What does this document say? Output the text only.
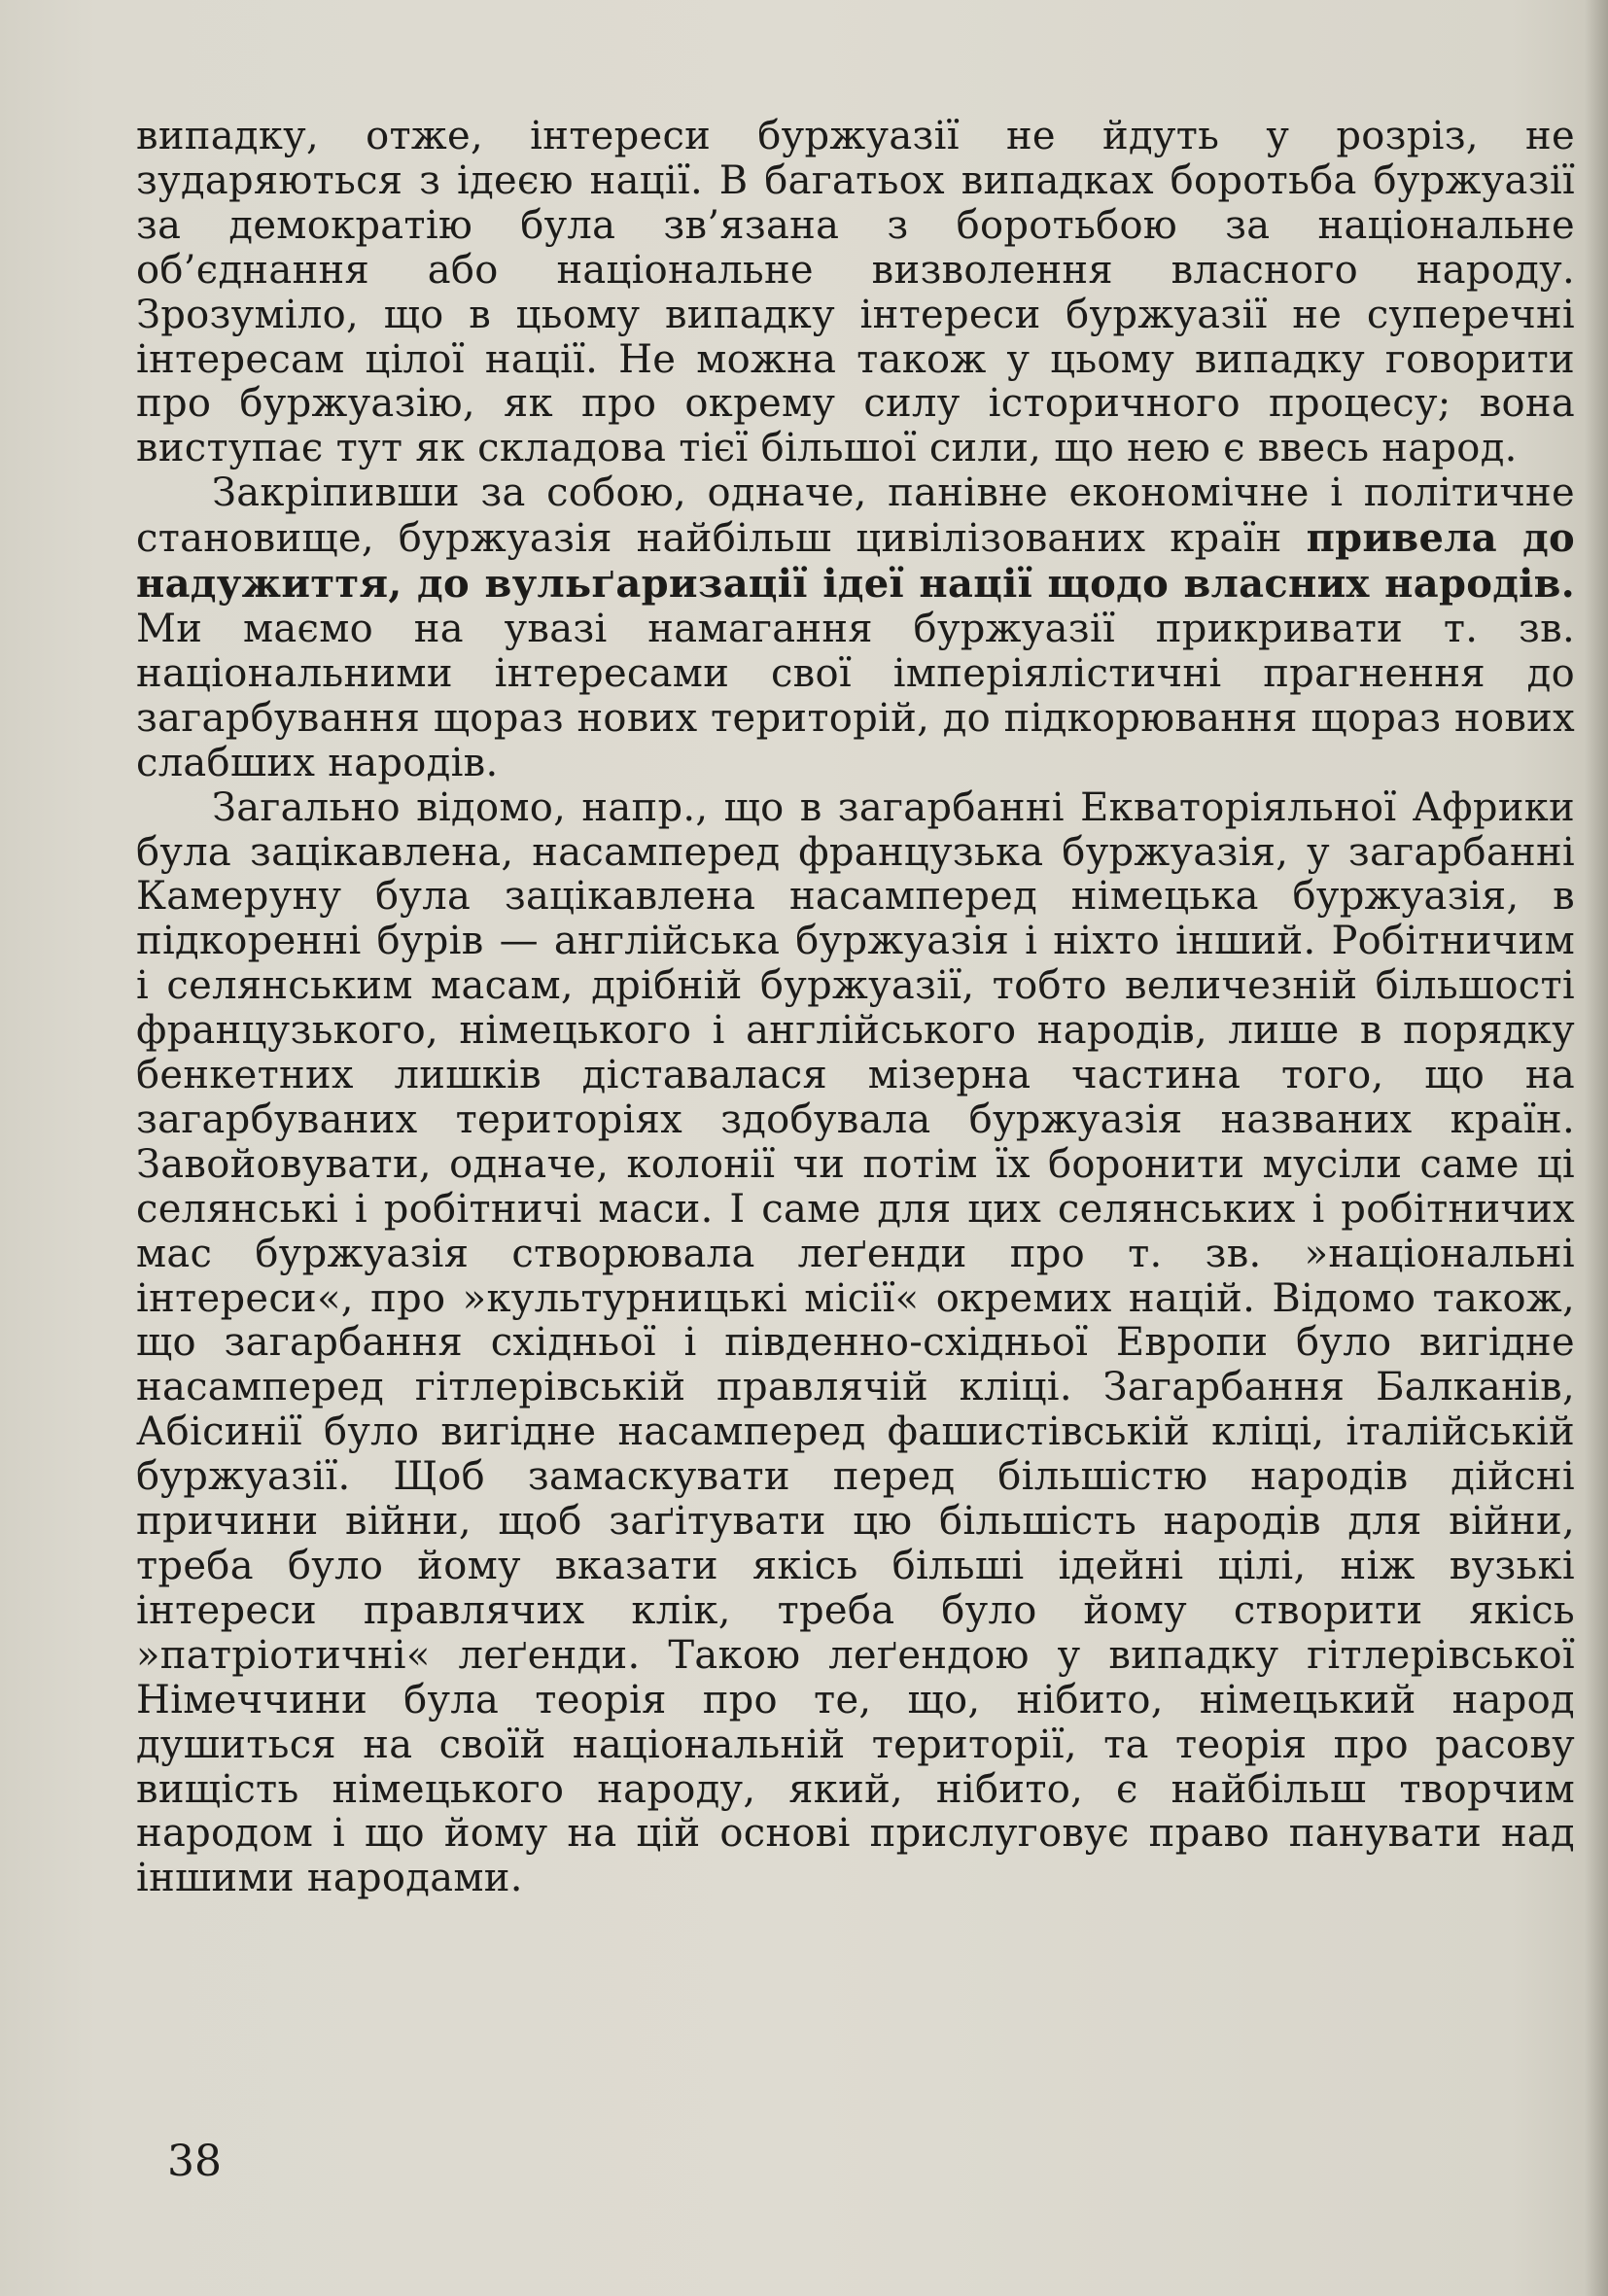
випадку, отже, інтереси буржуазії не йдуть у розріз, не зударяються з ідеєю нації. В багатьох випадках боротьба буржуазії за демократію була зв’язана з боротьбою за національне об’єднання або національне визволення власного народу. Зрозуміло, що в цьому випадку інтереси буржуазії не суперечні інтересам цілої нації. Не можна також у цьому випадку говорити про буржуазію, як про окрему силу історичного процесу; вона виступає тут як складова тієї більшої сили, що нею є ввесь народ.

Закріпивши за собою, одначе, панівне економічне і політичне становище, буржуазія найбільш цивілізованих країн привела до надужиття, до вульґаризації ідеї нації щодо власних народів. Ми маємо на увазі намагання буржуазії прикривати т. зв. національними інтересами свої імперіялістичні прагнення до загарбування щораз нових територій, до підкорювання щораз нових слабших народів.

Загально відомо, напр., що в загарбанні Екваторіяльної Африки була зацікавлена, насамперед французька буржуазія, у загарбанні Камеруну була зацікавлена насамперед німецька буржуазія, в підкоренні бурів — англійська буржуазія і ніхто інший. Робітничим і селянським масам, дрібній буржуазії, тобто величезній більшості французького, німецького і англійського народів, лише в порядку бенкетних лишків діставалася мізерна частина того, що на загарбуваних територіях здобувала буржуазія названих країн. Завойовувати, одначе, колонії чи потім їх боронити мусіли саме ці селянські і робітничі маси. І саме для цих селянських і робітничих мас буржуазія створювала леґенди про т. зв. »національні інтереси«, про »культурницькі місії« окремих націй. Відомо також, що загарбання східньої і південно-східньої Европи було вигідне насамперед гітлерівській правлячій кліці. Загарбання Балканів, Абісинії було вигідне насамперед фашистівській кліці, італійській буржуазії. Щоб замаскувати перед більшістю народів дійсні причини війни, щоб заґітувати цю більшість народів для війни, треба було йому вказати якісь більші ідейні цілі, ніж вузькі інтереси правлячих клік, треба було йому створити якісь »патріотичні« леґенди. Такою леґендою у випадку гітлерівської Німеччини була теорія про те, що, нібито, німецький народ душиться на своїй національній території, та теорія про расову вищість німецького народу, який, нібито, є найбільш творчим народом і що йому на цій основі прислуговує право панувати над іншими народами.

38
